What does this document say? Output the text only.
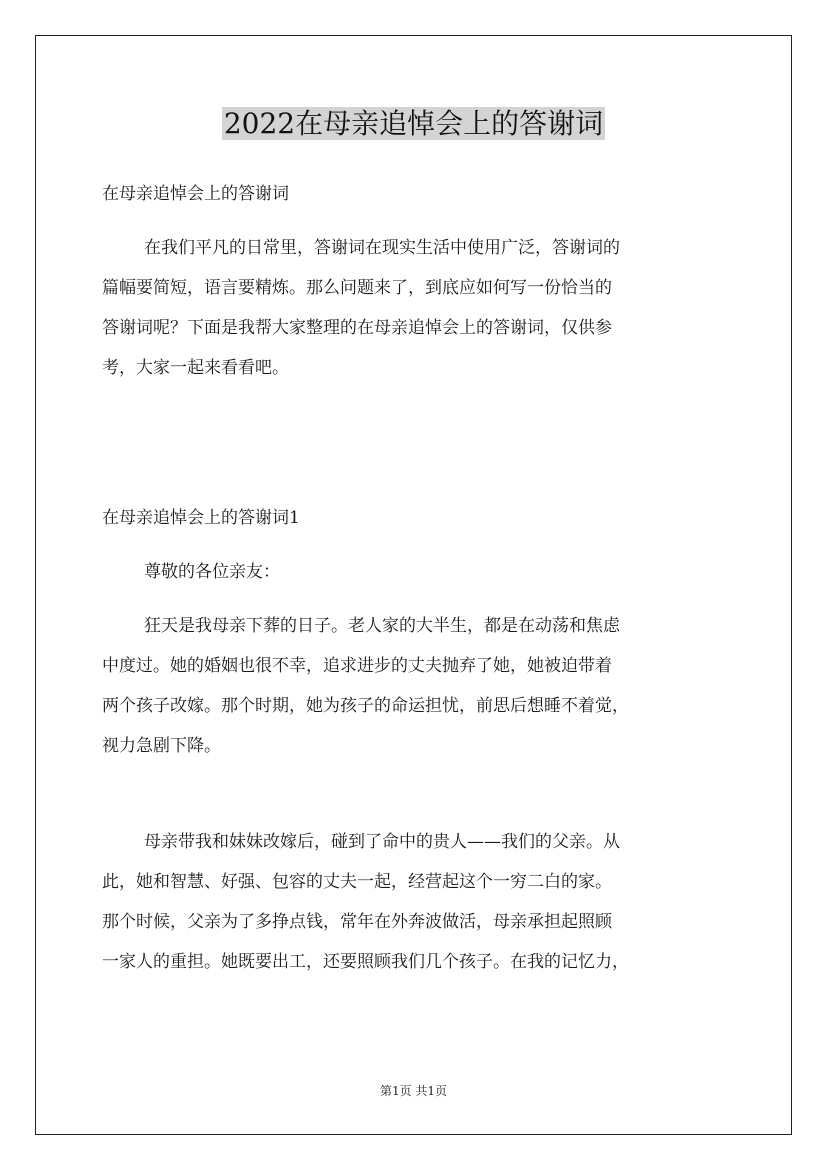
2022在母亲追悼会上的答谢词
在母亲追悼会上的答谢词
在我们平凡的日常里，答谢词在现实生活中使用广泛，答谢词的
篇幅要简短，语言要精炼。那么问题来了，到底应如何写一份恰当的
答谢词呢？下面是我帮大家整理的在母亲追悼会上的答谢词，仅供参
考，大家一起来看看吧。
在母亲追悼会上的答谢词1
尊敬的各位亲友：
狂天是我母亲下葬的日子。老人家的大半生，都是在动荡和焦虑
中度过。她的婚姻也很不幸，追求进步的丈夫抛弃了她，她被迫带着
两个孩子改嫁。那个时期，她为孩子的命运担忧，前思后想睡不着觉，
视力急剧下降。
母亲带我和妹妹改嫁后，碰到了命中的贵人——我们的父亲。从
此，她和智慧、好强、包容的丈夫一起，经营起这个一穷二白的家。
那个时候，父亲为了多挣点钱，常年在外奔波做活，母亲承担起照顾
一家人的重担。她既要出工，还要照顾我们几个孩子。在我的记忆力，
第1页 共1页
